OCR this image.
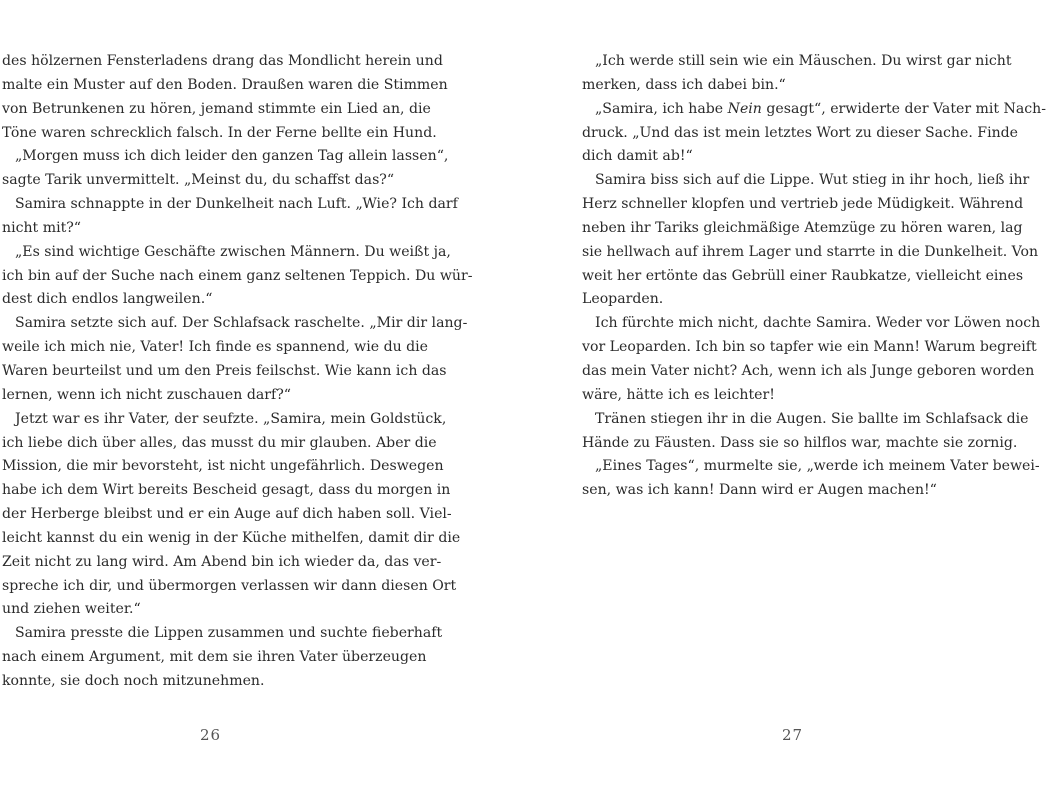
des hölzernen Fensterladens drang das Mondlicht herein und
malte ein Muster auf den Boden. Draußen waren die Stimmen
von Betrunkenen zu hören, jemand stimmte ein Lied an, die
Töne waren schrecklich falsch. In der Ferne bellte ein Hund.
„Morgen muss ich dich leider den ganzen Tag allein lassen“,
sagte Tarik unvermittelt. „Meinst du, du schaffst das?“
Samira schnappte in der Dunkelheit nach Luft. „Wie? Ich darf
nicht mit?“
„Es sind wichtige Geschäfte zwischen Männern. Du weißt ja,
ich bin auf der Suche nach einem ganz seltenen Teppich. Du wür-
dest dich endlos langweilen.“
Samira setzte sich auf. Der Schlafsack raschelte. „Mir dir lang-
weile ich mich nie, Vater! Ich finde es spannend, wie du die
Waren beurteilst und um den Preis feilschst. Wie kann ich das
lernen, wenn ich nicht zuschauen darf?“
Jetzt war es ihr Vater, der seufzte. „Samira, mein Goldstück,
ich liebe dich über alles, das musst du mir glauben. Aber die
Mission, die mir bevorsteht, ist nicht ungefährlich. Deswegen
habe ich dem Wirt bereits Bescheid gesagt, dass du morgen in
der Herberge bleibst und er ein Auge auf dich haben soll. Viel-
leicht kannst du ein wenig in der Küche mithelfen, damit dir die
Zeit nicht zu lang wird. Am Abend bin ich wieder da, das ver-
spreche ich dir, und übermorgen verlassen wir dann diesen Ort
und ziehen weiter.“
Samira presste die Lippen zusammen und suchte fieberhaft
nach einem Argument, mit dem sie ihren Vater überzeugen
konnte, sie doch noch mitzunehmen.
„Ich werde still sein wie ein Mäuschen. Du wirst gar nicht
merken, dass ich dabei bin.“
„Samira, ich habe Nein gesagt“, erwiderte der Vater mit Nach-
druck. „Und das ist mein letztes Wort zu dieser Sache. Finde
dich damit ab!“
Samira biss sich auf die Lippe. Wut stieg in ihr hoch, ließ ihr
Herz schneller klopfen und vertrieb jede Müdigkeit. Während
neben ihr Tariks gleichmäßige Atemzüge zu hören waren, lag
sie hellwach auf ihrem Lager und starrte in die Dunkelheit. Von
weit her ertönte das Gebrüll einer Raubkatze, vielleicht eines
Leoparden.
Ich fürchte mich nicht, dachte Samira. Weder vor Löwen noch
vor Leoparden. Ich bin so tapfer wie ein Mann! Warum begreift
das mein Vater nicht? Ach, wenn ich als Junge geboren worden
wäre, hätte ich es leichter!
Tränen stiegen ihr in die Augen. Sie ballte im Schlafsack die
Hände zu Fäusten. Dass sie so hilflos war, machte sie zornig.
„Eines Tages“, murmelte sie, „werde ich meinem Vater bewei-
sen, was ich kann! Dann wird er Augen machen!“
26	27
